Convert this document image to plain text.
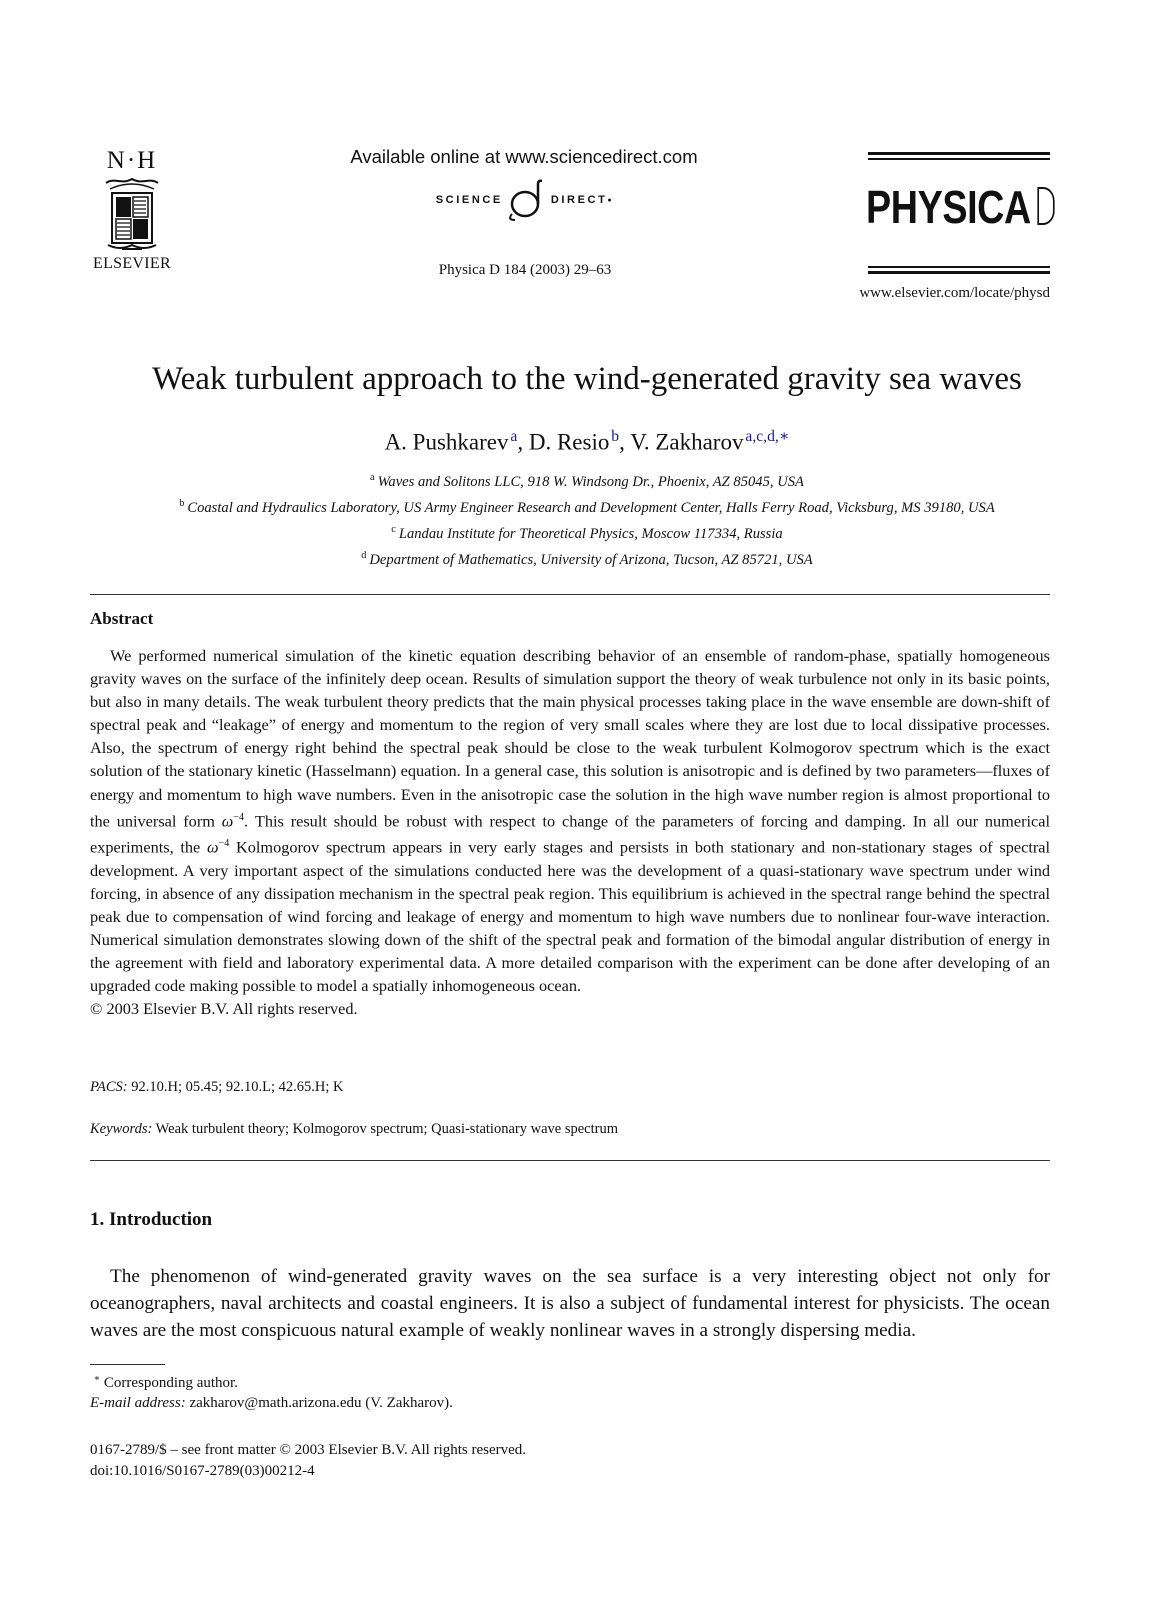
N·H
ELSEVIER
Available online at www.sciencedirect.com
SCIENCE	DIRECT ●
Physica D 184 (2003) 29–63
PHYSICA
www.elsevier.com/locate/physd
Weak turbulent approach to the wind-generated gravity sea waves
A. Pushkarev  $^a$, D. Resio  $^b$, V. Zakharov  $^{a,c,d,∗}$
$^a$ Waves and Solitons LLC, 918 W. Windsong Dr., Phoenix, AZ 85045, USA
$^b$ Coastal and Hydraulics Laboratory, US Army Engineer Research and Development Center, Halls Ferry Road, Vicksburg, MS 39180, USA
$^c$ Landau Institute for Theoretical Physics, Moscow 117334, Russia
$^d$ Department of Mathematics, University of Arizona, Tucson, AZ 85721, USA
Abstract

We performed numerical simulation of the kinetic equation describing behavior of an ensemble of random-phase, spatially homogeneous gravity waves on the surface of the infinitely deep ocean. Results of simulation support the theory of weak turbulence not only in its basic points, but also in many details. The weak turbulent theory predicts that the main physical processes taking place in the wave ensemble are down-shift of spectral peak and “leakage” of energy and momentum to the region of very small scales where they are lost due to local dissipative processes. Also, the spectrum of energy right behind the spectral peak should be close to the weak turbulent Kolmogorov spectrum which is the exact solution of the stationary kinetic (Hasselmann) equation. In a general case, this solution is anisotropic and is defined by two parameters—fluxes of energy and momentum to high wave numbers. Even in the anisotropic case the solution in the high wave number region is almost proportional to the universal form $\omega^{-4}$. This result should be robust with respect to change of the parameters of forcing and damping. In all our numerical experiments, the $\omega^{-4}$ Kolmogorov spectrum appears in very early stages and persists in both stationary and non-stationary stages of spectral development. A very important aspect of the simulations conducted here was the development of a quasi-stationary wave spectrum under wind forcing, in absence of any dissipation mechanism in the spectral peak region. This equilibrium is achieved in the spectral range behind the spectral peak due to compensation of wind forcing and leakage of energy and momentum to high wave numbers due to nonlinear four-wave interaction. Numerical simulation demonstrates slowing down of the shift of the spectral peak and formation of the bimodal angular distribution of energy in the agreement with field and laboratory experimental data. A more detailed comparison with the experiment can be done after developing of an upgraded code making possible to model a spatially inhomogeneous ocean.

© 2003 Elsevier B.V. All rights reserved.

PACS: 92.10.H; 05.45; 92.10.L; 42.65.H; K
Keywords: Weak turbulent theory; Kolmogorov spectrum; Quasi-stationary wave spectrum
1. Introduction
The phenomenon of wind-generated gravity waves on the sea surface is a very interesting object not only for oceanographers, naval architects and coastal engineers. It is also a subject of fundamental interest for physicists. The ocean waves are the most conspicuous natural example of weakly nonlinear waves in a strongly dispersing media.
∗ Corresponding author.
E-mail address: zakharov@math.arizona.edu (V. Zakharov).
0167-2789/$ – see front matter © 2003 Elsevier B.V. All rights reserved.
doi:10.1016/S0167-2789(03)00212-4
